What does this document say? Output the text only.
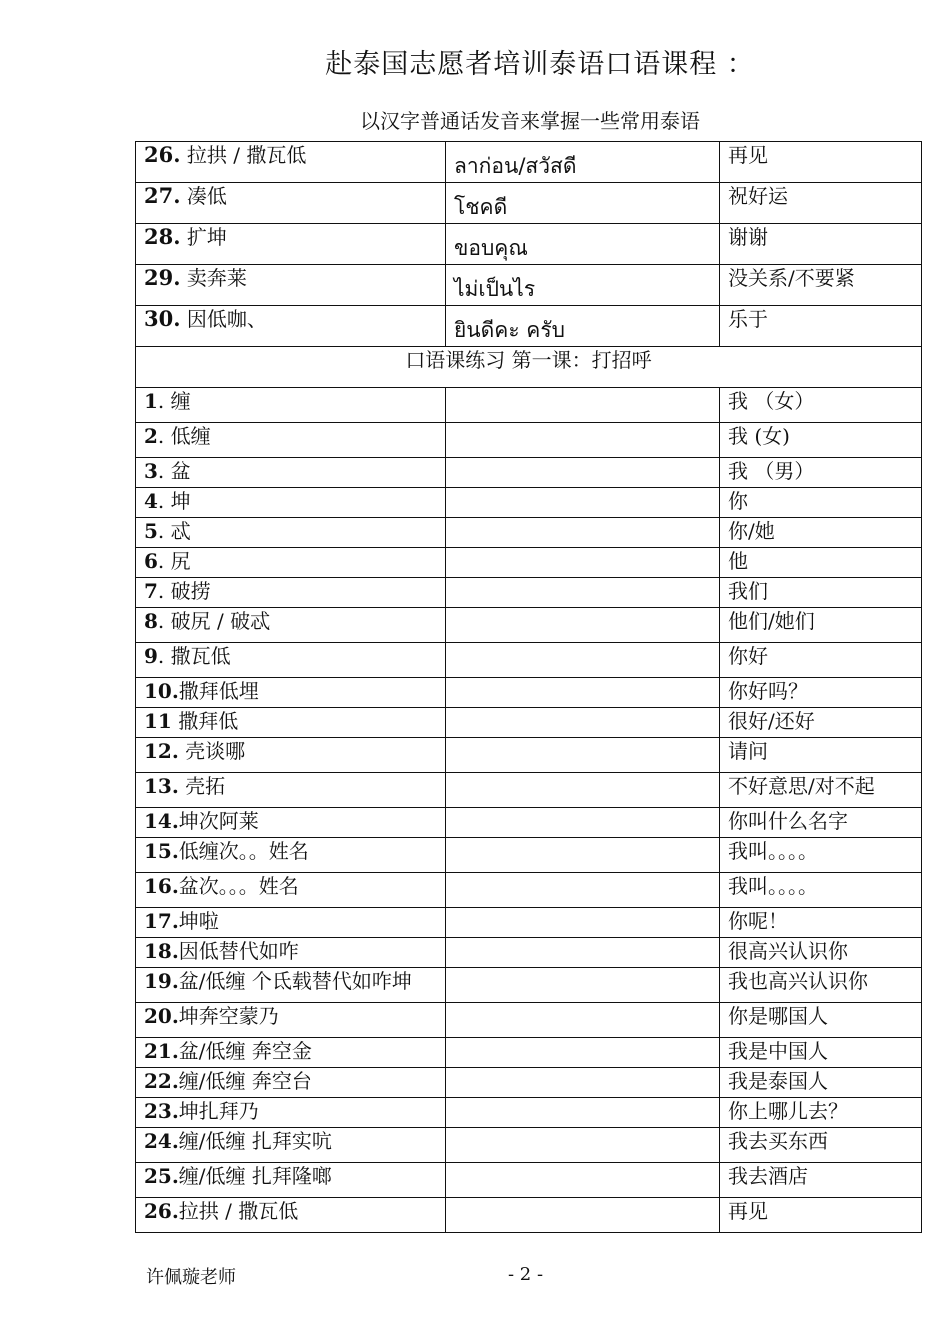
赴泰国志愿者培训泰语口语课程 ：
以汉字普通话发音来掌握一些常用泰语
26. 拉拱 / 撒瓦低	ลาก่อน/สวัสดี	再见
27. 凑低	โชคดี	祝好运
28. 扩坤	ขอบคุณ	谢谢
29. 卖奔莱	ไม่เป็นไร	没关系/不要紧
30. 因低咖、	ยินดีคะ ครับ	乐于
口语课练习 第一课：打招呼		
1. 缠		我 （女）
2. 低缠		我 (女)
3. 盆		我 （男）
4. 坤		你
5. 忒		你/她
6. 尻		他
7. 破捞		我们
8. 破尻 / 破忒		他们/她们
9. 撒瓦低		你好
10.撒拜低埋		你好吗？
11 撒拜低		很好/还好
12. 壳谈哪		请问
13. 壳拓		不好意思/对不起
14.坤次阿莱		你叫什么名字
15.低缠次。。姓名		我叫。。。。
16.盆次。。。姓名		我叫。。。。
17.坤啦		你呢！
18.因低替代如咋		很高兴认识你
19.盆/低缠 个氐载替代如咋坤		我也高兴认识你
20.坤奔空蒙乃		你是哪国人
21.盆/低缠 奔空金		我是中国人
22.缠/低缠 奔空台		我是泰国人
23.坤扎拜乃		你上哪儿去？
24.缠/低缠 扎拜实吭		我去买东西
25.缠/低缠 扎拜隆啷		我去酒店
26.拉拱 / 撒瓦低		再见
许佩璇老师	- 2 -
